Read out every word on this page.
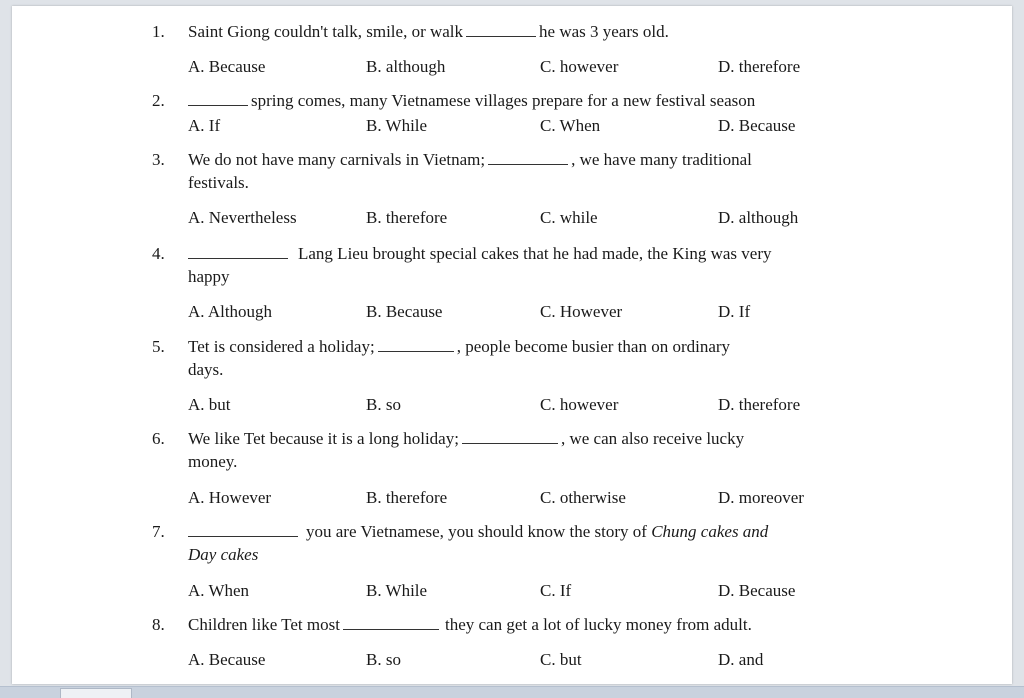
1.	Saint Giong couldn't talk, smile, or walk	he was 3 years old.
A. Because	B. although	C. however	D. therefore
2.	spring comes, many Vietnamese villages prepare for a new festival season
A. If	B. While	C. When	D. Because
3.	We do not have many carnivals in Vietnam;	, we have many traditional
festivals.
A. Nevertheless	B. therefore	C. while	D. although
4.	Lang Lieu brought special cakes that he had made, the King was very
happy
A. Although	B. Because	C. However	D. If
5.	Tet is considered a holiday;	, people become busier than on ordinary
days.
A. but	B. so	C. however	D. therefore
6.	We like Tet because it is a long holiday;	, we can also receive lucky
money.
A. However	B. therefore	C. otherwise	D. moreover
7.	you are Vietnamese, you should know the story of Chung cakes and
Day cakes
A. When	B. While	C. If	D. Because
8.	Children like Tet most	they can get a lot of lucky money from adult.
A. Because	B. so	C. but	D. and
